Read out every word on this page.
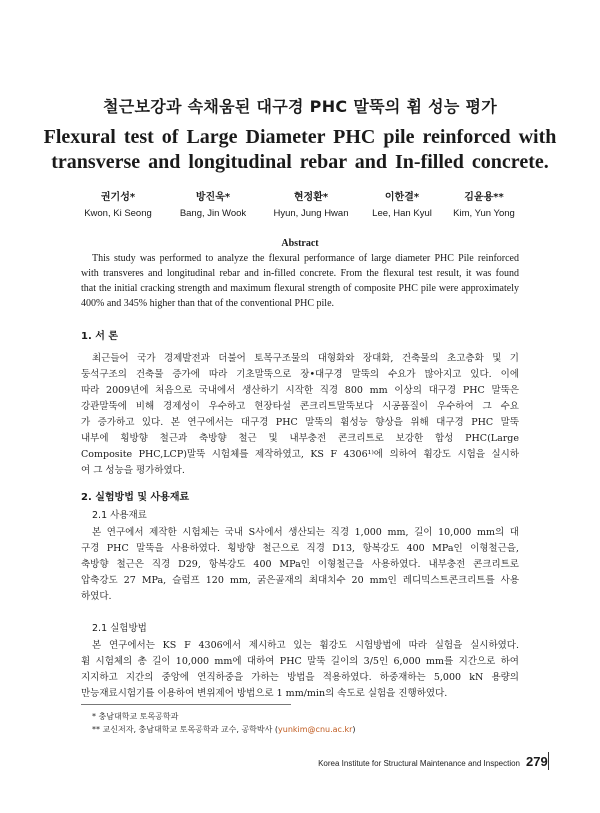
철근보강과 속채움된 대구경 PHC 말뚝의 휨 성능 평가
Flexural test of Large Diameter PHC pile reinforced with
transverse and longitudinal rebar and In-filled concrete.
권기성*
Kwon, Ki Seong
방진욱*
Bang, Jin Wook
현정환*
Hyun, Jung Hwan
이한결*
Lee, Han Kyul
김윤용**
Kim, Yun Yong
Abstract
This study was performed to analyze the flexural performance of large diameter PHC Pile reinforced
with transveres and longitudinal rebar and in-filled concrete. From the flexural test result, it was found
that the initial cracking strength and maximum flexural strength of composite PHC pile were approximately
400% and 345% higher than that of the conventional PHC pile.
1. 서 론
최근들어 국가 경제발전과 더불어 토목구조물의 대형화와 장대화, 건축물의 초고층화 및 기
둥석구조의 건축물 증가에 따라 기초말뚝으로 장•대구경 말뚝의 수요가 많아지고 있다. 이에
따라 2009년에 처음으로 국내에서 생산하기 시작한 직경 800 mm 이상의 대구경 PHC 말뚝은
강관말뚝에 비해 경제성이 우수하고 현장타설 콘크리트말뚝보다 시공품질이 우수하여 그 수요
가 증가하고 있다. 본 연구에서는 대구경 PHC 말뚝의 휨성능 향상을 위해 대구경 PHC 말뚝
내부에 횡방향 철근과 축방향 철근 및 내부충전 콘크리트로 보강한 합성 PHC(Large
Composite PHC,LCP)말뚝 시험체를 제작하였고, KS F 4306¹⁾에 의하여 휨강도 시험을 실시하
여 그 성능을 평가하였다.
2. 실험방법 및 사용재료
2.1 사용재료
본 연구에서 제작한 시험체는 국내 S사에서 생산되는 직경 1,000 mm, 길이 10,000 mm의 대
구경 PHC 말뚝을 사용하였다. 횡방향 철근으로 직경 D13, 항복강도 400 MPa인 이형철근을,
축방향 철근은 직경 D29, 항복강도 400 MPa인 이형철근을 사용하였다. 내부충전 콘크리트로
압축강도 27 MPa, 슬럼프 120 mm, 굵은골재의 최대치수 20 mm인 레디믹스트콘크리트를 사용
하였다.
2.1 실험방법
본 연구에서는 KS F 4306에서 제시하고 있는 휨강도 시험방법에 따라 실험을 실시하였다.
휨 시험체의 총 길이 10,000 mm에 대하여 PHC 말뚝 길이의 3/5인 6,000 mm를 지간으로 하여
지지하고 지간의 중앙에 연직하중을 가하는 방법을 적용하였다. 하중재하는 5,000 kN 용량의
만능재료시험기를 이용하여 변위제어 방법으로 1 mm/min의 속도로 실험을 진행하였다.
* 충남대학교 토목공학과
** 교신저자, 충남대학교 토목공학과 교수, 공학박사 (yunkim@cnu.ac.kr)
Korea Institute for Structural Maintenance and Inspection 279
